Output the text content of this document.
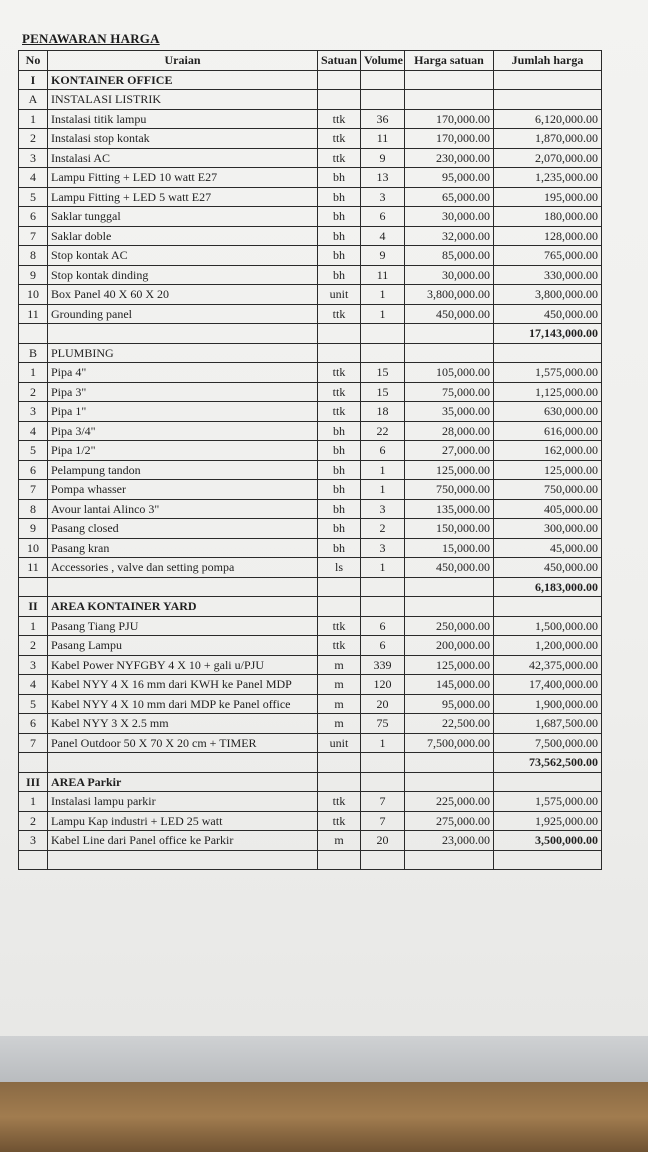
PENAWARAN HARGA
No	Uraian	Satuan	Volume	Harga satuan	Jumlah harga
I	KONTAINER OFFICE				
A	INSTALASI LISTRIK				
1	Instalasi titik lampu	ttk	36	170,000.00	6,120,000.00
2	Instalasi stop kontak	ttk	11	170,000.00	1,870,000.00
3	Instalasi AC	ttk	9	230,000.00	2,070,000.00
4	Lampu Fitting + LED 10 watt E27	bh	13	95,000.00	1,235,000.00
5	Lampu Fitting + LED 5 watt E27	bh	3	65,000.00	195,000.00
6	Saklar tunggal	bh	6	30,000.00	180,000.00
7	Saklar doble	bh	4	32,000.00	128,000.00
8	Stop kontak AC	bh	9	85,000.00	765,000.00
9	Stop kontak dinding	bh	11	30,000.00	330,000.00
10	Box Panel 40 X 60 X 20	unit	1	3,800,000.00	3,800,000.00
11	Grounding panel	ttk	1	450,000.00	450,000.00
					17,143,000.00
B	PLUMBING				
1	Pipa 4"	ttk	15	105,000.00	1,575,000.00
2	Pipa 3"	ttk	15	75,000.00	1,125,000.00
3	Pipa 1"	ttk	18	35,000.00	630,000.00
4	Pipa 3/4"	bh	22	28,000.00	616,000.00
5	Pipa 1/2"	bh	6	27,000.00	162,000.00
6	Pelampung tandon	bh	1	125,000.00	125,000.00
7	Pompa whasser	bh	1	750,000.00	750,000.00
8	Avour lantai Alinco 3"	bh	3	135,000.00	405,000.00
9	Pasang closed	bh	2	150,000.00	300,000.00
10	Pasang kran	bh	3	15,000.00	45,000.00
11	Accessories , valve dan setting pompa	ls	1	450,000.00	450,000.00
					6,183,000.00
II	AREA KONTAINER YARD				
1	Pasang Tiang PJU	ttk	6	250,000.00	1,500,000.00
2	Pasang Lampu	ttk	6	200,000.00	1,200,000.00
3	Kabel Power NYFGBY 4 X 10 + gali u/PJU	m	339	125,000.00	42,375,000.00
4	Kabel NYY 4 X 16 mm dari KWH ke Panel MDP	m	120	145,000.00	17,400,000.00
5	Kabel NYY 4 X 10 mm dari MDP ke Panel office	m	20	95,000.00	1,900,000.00
6	Kabel NYY 3 X 2.5 mm	m	75	22,500.00	1,687,500.00
7	Panel Outdoor 50 X 70 X 20 cm + TIMER	unit	1	7,500,000.00	7,500,000.00
					73,562,500.00
III	AREA Parkir				
1	Instalasi lampu parkir	ttk	7	225,000.00	1,575,000.00
2	Lampu Kap industri + LED 25 watt	ttk	7	275,000.00	1,925,000.00
3	Kabel Line dari Panel office ke Parkir	m	20	23,000.00	3,500,000.00
